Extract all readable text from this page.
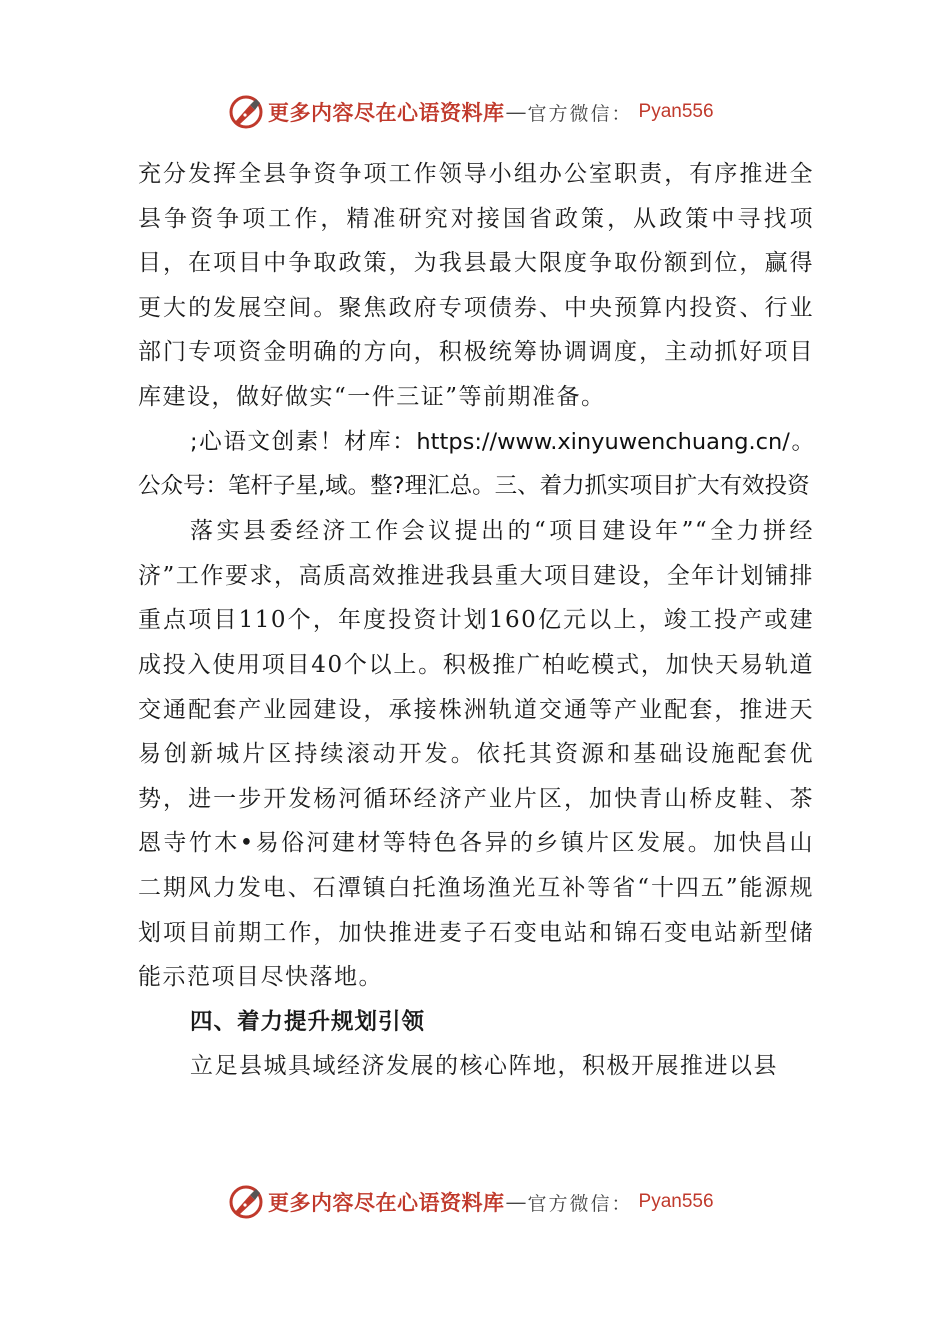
更多内容尽在心语资料库 — 官方微信： Pyan556

充分发挥全县争资争项工作领导小组办公室职责，有序推进全县争资争项工作，精准研究对接国省政策，从政策中寻找项目，在项目中争取政策，为我县最大限度争取份额到位，赢得更大的发展空间。聚焦政府专项债券、中央预算内投资、行业部门专项资金明确的方向，积极统筹协调调度，主动抓好项目库建设，做好做实“一件三证”等前期准备。

;心语文创素！材库：https://www.xinyuwenchuang.cn/。公众号：笔杆子星,域。整?理汇总。三、着力抓实项目扩大有效投资

落实县委经济工作会议提出的“项目建设年”“全力拼经济”工作要求，高质高效推进我县重大项目建设，全年计划铺排重点项目110个，年度投资计划160亿元以上，竣工投产或建成投入使用项目40个以上。积极推广柏屹模式，加快天易轨道交通配套产业园建设，承接株洲轨道交通等产业配套，推进天易创新城片区持续滚动开发。依托其资源和基础设施配套优势，进一步开发杨河循环经济产业片区，加快青山桥皮鞋、茶恩寺竹木•易俗河建材等特色各异的乡镇片区发展。加快昌山二期风力发电、石潭镇白托渔场渔光互补等省“十四五”能源规划项目前期工作，加快推进麦子石变电站和锦石变电站新型储能示范项目尽快落地。

四、着力提升规划引领

立足县城具域经济发展的核心阵地，积极开展推进以县

更多内容尽在心语资料库 — 官方微信： Pyan556
